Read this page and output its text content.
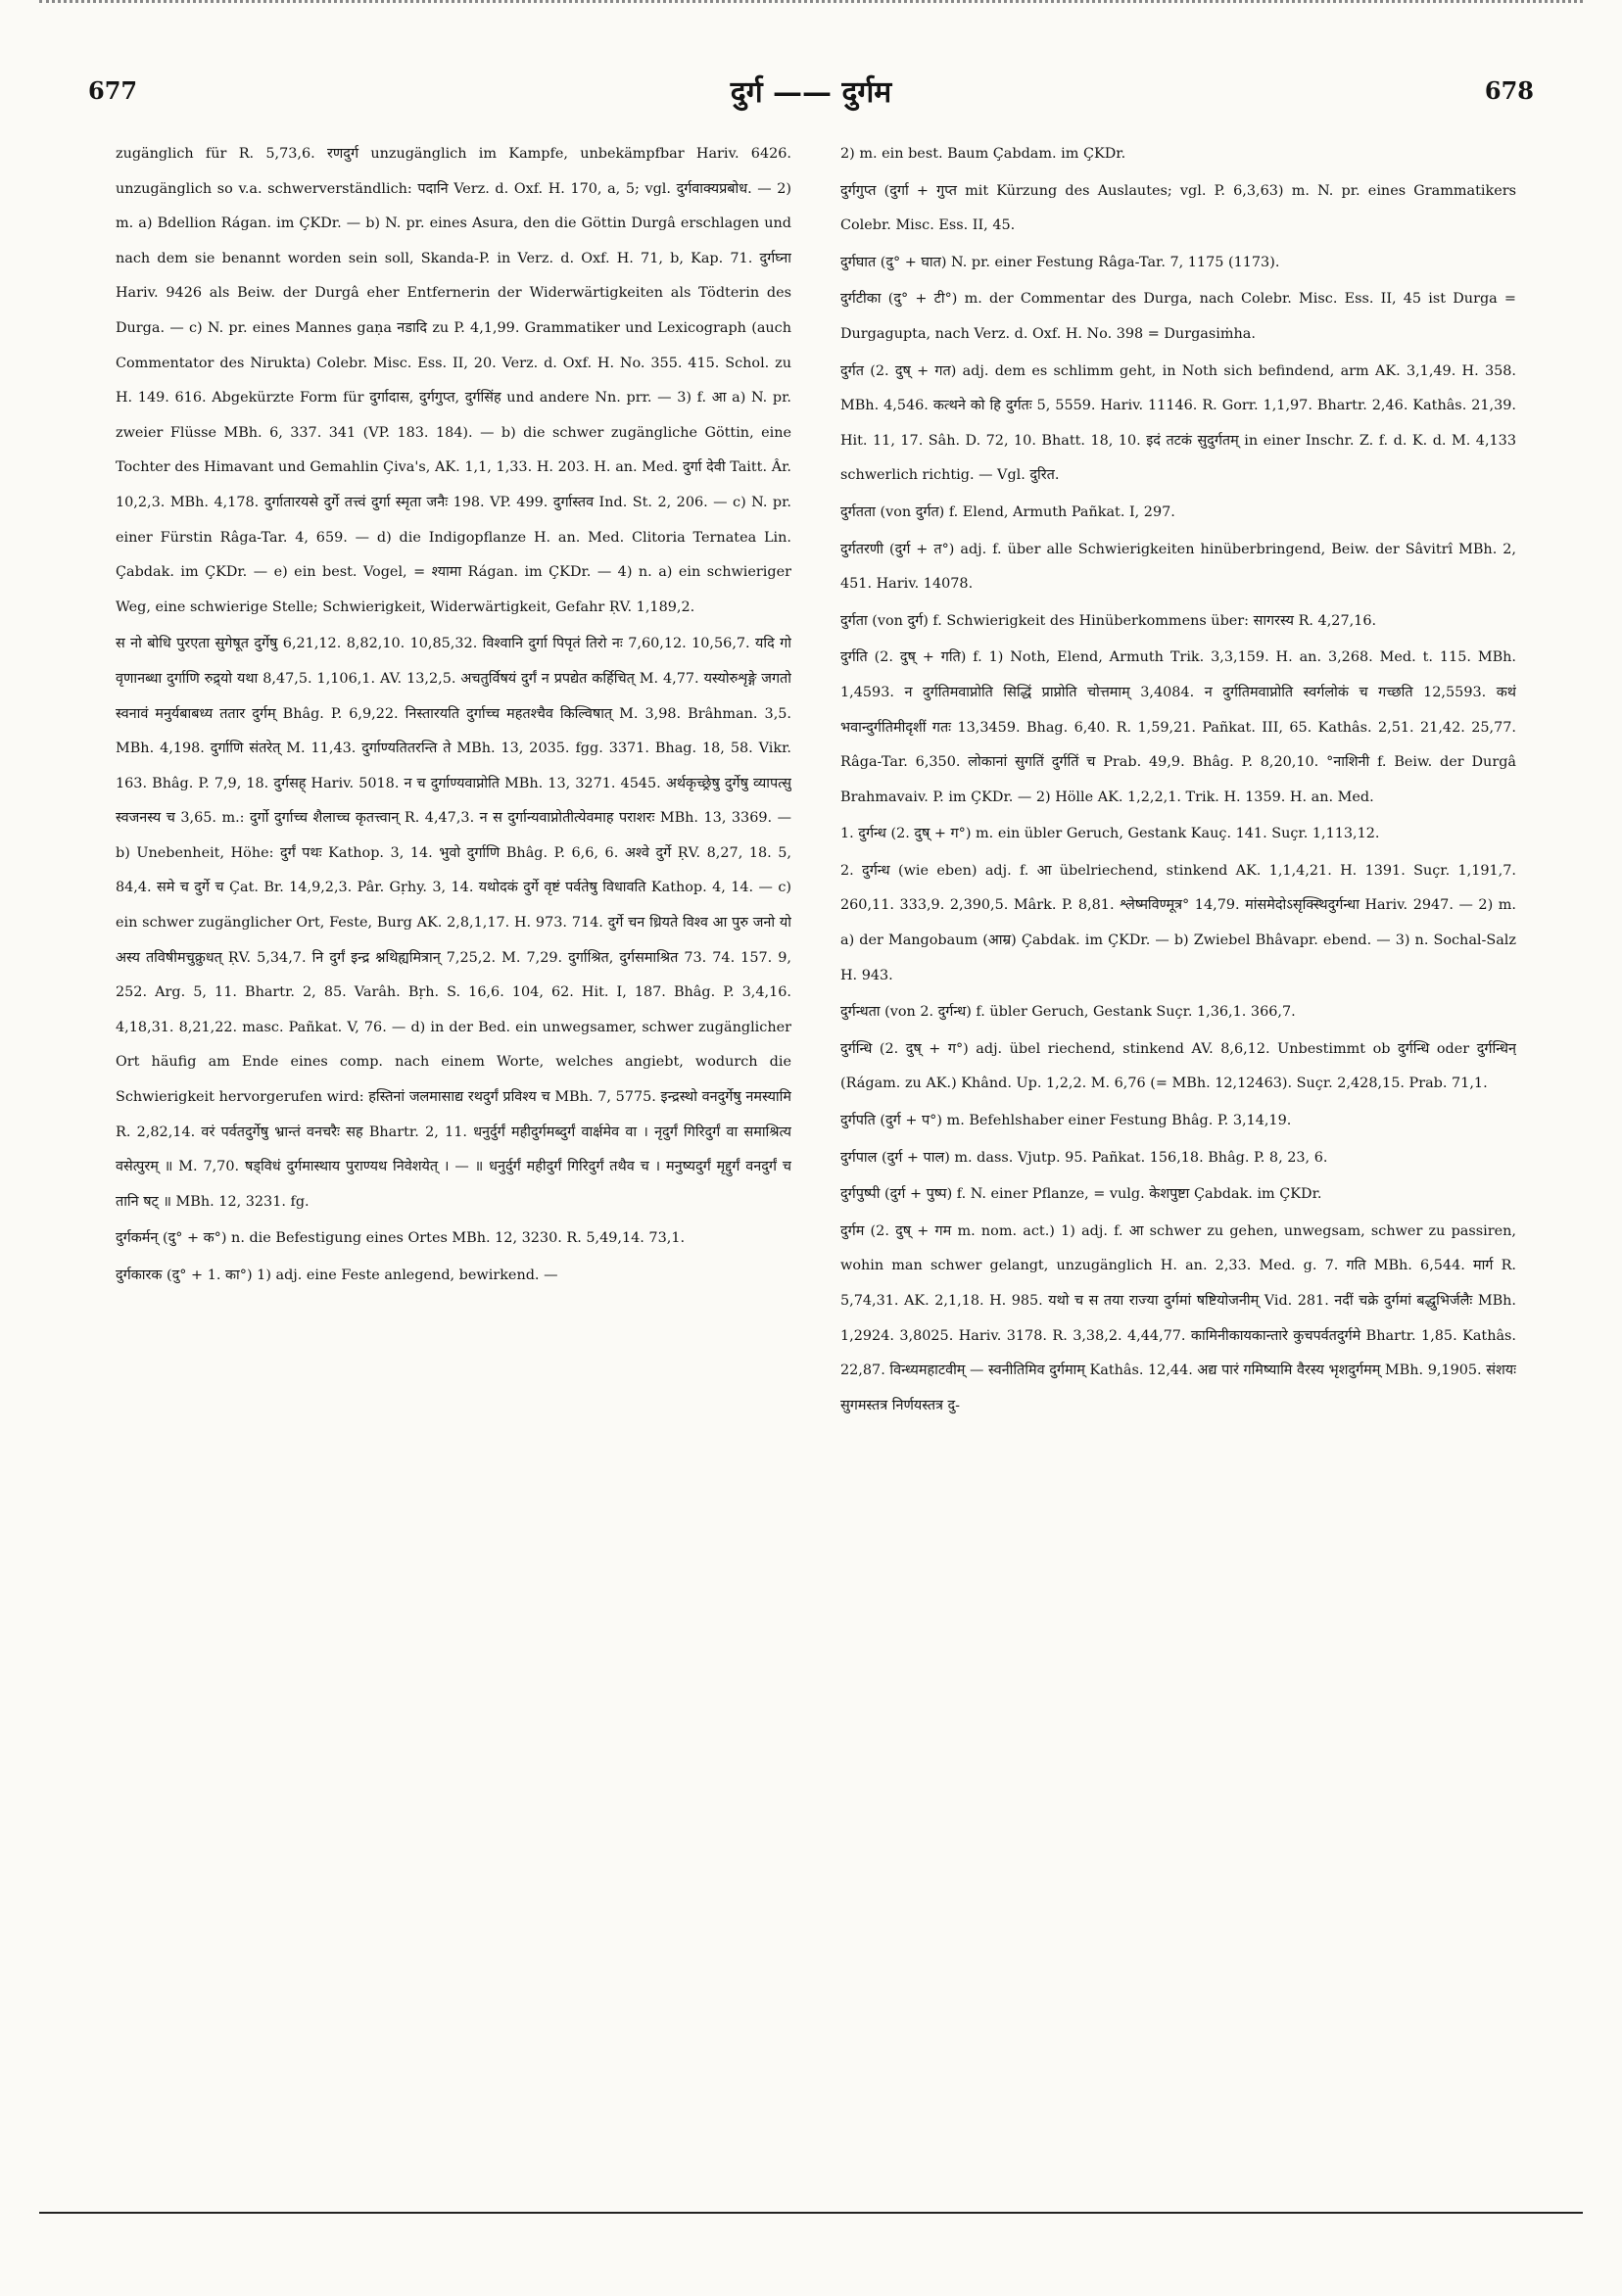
677	दुर्ग —— दुर्गम	678

zugänglich für R. 5,73,6. रणदुर्ग unzugänglich im Kampfe, unbekämpfbar Hariv. 6426. unzugänglich so v.a. schwerverständlich: पदानि Verz. d. Oxf. H. 170, a, 5; vgl. दुर्गवाक्यप्रबोध. — 2) m. a) Bdellion Rágan. im ÇKDr. — b) N. pr. eines Asura, den die Göttin Durgâ erschlagen und nach dem sie benannt worden sein soll, Skanda-P. in Verz. d. Oxf. H. 71, b, Kap. 71. दुर्गघ्ना Hariv. 9426 als Beiw. der Durgâ eher Entfernerin der Widerwärtigkeiten als Tödterin des Durga. — c) N. pr. eines Mannes gaṇa नडादि zu P. 4,1,99. Grammatiker und Lexicograph (auch Commentator des Nirukta) Colebr. Misc. Ess. II, 20. Verz. d. Oxf. H. No. 355. 415. Schol. zu H. 149. 616. Abgekürzte Form für दुर्गादास, दुर्गगुप्त, दुर्गसिंह und andere Nn. prr. — 3) f. आ a) N. pr. zweier Flüsse MBh. 6, 337. 341 (VP. 183. 184). — b) die schwer zugängliche Göttin, eine Tochter des Himavant und Gemahlin Çiva's, AK. 1,1, 1,33. H. 203. H. an. Med. दुर्गा देवी Taitt. Âr. 10,2,3. MBh. 4,178. दुर्गातारयसे दुर्गे तत्त्वं दुर्गा स्मृता जनैः 198. VP. 499. दुर्गास्तव Ind. St. 2, 206. — c) N. pr. einer Fürstin Râga-Tar. 4, 659. — d) die Indigopflanze H. an. Med. Clitoria Ternatea Lin. Çabdak. im ÇKDr. — e) ein best. Vogel, = श्यामा Rágan. im ÇKDr. — 4) n. a) ein schwieriger Weg, eine schwierige Stelle; Schwierigkeit, Widerwärtigkeit, Gefahr ṚV. 1,189,2.

स नो बोधि पुरएता सुगेषूत दुर्गेषु 6,21,12. 8,82,10. 10,85,32. विश्वानि दुर्गा पिपृतं तिरो नः 7,60,12. 10,56,7. यदि गो वृणानब्धा दुर्गाणि रुद्र्यो यथा 8,47,5. 1,106,1. AV. 13,2,5. अचतुर्विषयं दुर्गं न प्रपद्येत कर्हिचित् M. 4,77. यस्योरुशृङ्गे जगतो स्वनावं मनुर्यबाबध्य ततार दुर्गम् Bhâg. P. 6,9,22. निस्तारयति दुर्गाच्च महतश्चैव किल्विषात् M. 3,98. Brâhman. 3,5. MBh. 4,198. दुर्गाणि संतरेत् M. 11,43. दुर्गाण्यतितरन्ति ते MBh. 13, 2035. fgg. 3371. Bhag. 18, 58. Vikr. 163. Bhâg. P. 7,9, 18. दुर्गसह् Hariv. 5018. न च दुर्गाण्यवाप्नोति MBh. 13, 3271. 4545. अर्थकृच्छ्रेषु दुर्गेषु व्यापत्सु स्वजनस्य च 3,65. m.: दुर्गो दुर्गाच्च शैलाच्च कृतत्त्वान् R. 4,47,3. न स दुर्गान्यवाप्नोतीत्येवमाह पराशरः MBh. 13, 3369. — b) Unebenheit, Höhe: दुर्गं पथः Kathop. 3, 14. भुवो दुर्गाणि Bhâg. P. 6,6, 6. अश्वे दुर्गे ṚV. 8,27, 18. 5, 84,4. समे च दुर्गे च Çat. Br. 14,9,2,3. Pâr. Gṛhy. 3, 14. यथोदकं दुर्गे वृष्टं पर्वतेषु विधावति Kathop. 4, 14. — c) ein schwer zugänglicher Ort, Feste, Burg AK. 2,8,1,17. H. 973. 714. दुर्गे चन ध्रियते विश्व आ पुरु जनो यो अस्य तविषीमचुक्रुधत् ṚV. 5,34,7. नि दुर्गं इन्द्र श्नथिह्यमित्रान् 7,25,2. M. 7,29. दुर्गाश्रित, दुर्गसमाश्रित 73. 74. 157. 9, 252. Arg. 5, 11. Bhartr. 2, 85. Varâh. Bṛh. S. 16,6. 104, 62. Hit. I, 187. Bhâg. P. 3,4,16. 4,18,31. 8,21,22. masc. Pañkat. V, 76. — d) in der Bed. ein unwegsamer, schwer zugänglicher Ort häufig am Ende eines comp. nach einem Worte, welches angiebt, wodurch die Schwierigkeit hervorgerufen wird: हस्तिनां जलमासाद्य रथदुर्गं प्रविश्य च MBh. 7, 5775. इन्द्रस्थो वनदुर्गेषु नमस्यामि R. 2,82,14. वरं पर्वतदुर्गेषु भ्रान्तं वनचरैः सह Bhartr. 2, 11. धनुर्दुर्गं महीदुर्गमब्दुर्गं वार्क्षमेव वा । नृदुर्गं गिरिदुर्गं वा समाश्रित्य वसेत्पुरम् ॥ M. 7,70. षड्विधं दुर्गमास्थाय पुराण्यथ निवेशयेत् । — ॥ धनुर्दुर्गं महीदुर्गं गिरिदुर्गं तथैव च । मनुष्यदुर्गं मृद्दुर्गं वनदुर्गं च तानि षट् ॥ MBh. 12, 3231. fg.

दुर्गकर्मन् (दु° + क°) n. die Befestigung eines Ortes MBh. 12, 3230. R. 5,49,14. 73,1.

दुर्गकारक (दु° + 1. का°) 1) adj. eine Feste anlegend, bewirkend. —

2) m. ein best. Baum Çabdam. im ÇKDr.

दुर्गगुप्त (दुर्गा + गुप्त mit Kürzung des Auslautes; vgl. P. 6,3,63) m. N. pr. eines Grammatikers Colebr. Misc. Ess. II, 45.

दुर्गघात (दु° + घात) N. pr. einer Festung Râga-Tar. 7, 1175 (1173).

दुर्गटीका (दु° + टी°) m. der Commentar des Durga, nach Colebr. Misc. Ess. II, 45 ist Durga = Durgagupta, nach Verz. d. Oxf. H. No. 398 = Durgasiṁha.

दुर्गत (2. दुष् + गत) adj. dem es schlimm geht, in Noth sich befindend, arm AK. 3,1,49. H. 358. MBh. 4,546. कत्थने को हि दुर्गतः 5, 5559. Hariv. 11146. R. Gorr. 1,1,97. Bhartr. 2,46. Kathâs. 21,39. Hit. 11, 17. Sâh. D. 72, 10. Bhatt. 18, 10. इदं तटकं सुदुर्गतम् in einer Inschr. Z. f. d. K. d. M. 4,133 schwerlich richtig. — Vgl. दुरित.

दुर्गतता (von दुर्गत) f. Elend, Armuth Pañkat. I, 297.

दुर्गतरणी (दुर्ग + त°) adj. f. über alle Schwierigkeiten hinüberbringend, Beiw. der Sâvitrî MBh. 2, 451. Hariv. 14078.

दुर्गता (von दुर्ग) f. Schwierigkeit des Hinüberkommens über: सागरस्य R. 4,27,16.

दुर्गति (2. दुष् + गति) f. 1) Noth, Elend, Armuth Trik. 3,3,159. H. an. 3,268. Med. t. 115. MBh. 1,4593. न दुर्गतिमवाप्नोति सिद्धिं प्राप्नोति चोत्तमाम् 3,4084. न दुर्गतिमवाप्नोति स्वर्गलोकं च गच्छति 12,5593. कथं भवान्दुर्गतिमीदृशीं गतः 13,3459. Bhag. 6,40. R. 1,59,21. Pañkat. III, 65. Kathâs. 2,51. 21,42. 25,77. Râga-Tar. 6,350. लोकानां सुगतिं दुर्गतिं च Prab. 49,9. Bhâg. P. 8,20,10. °नाशिनी f. Beiw. der Durgâ Brahmavaiv. P. im ÇKDr. — 2) Hölle AK. 1,2,2,1. Trik. H. 1359. H. an. Med.

1. दुर्गन्ध (2. दुष् + ग°) m. ein übler Geruch, Gestank Kauç. 141. Suçr. 1,113,12.

2. दुर्गन्ध (wie eben) adj. f. आ übelriechend, stinkend AK. 1,1,4,21. H. 1391. Suçr. 1,191,7. 260,11. 333,9. 2,390,5. Mârk. P. 8,81. श्लेष्मविण्मूत्र° 14,79. मांसमेदोऽसृक्स्थिदुर्गन्धा Hariv. 2947. — 2) m. a) der Mangobaum (आम्र) Çabdak. im ÇKDr. — b) Zwiebel Bhâvapr. ebend. — 3) n. Sochal-Salz H. 943.

दुर्गन्धता (von 2. दुर्गन्ध) f. übler Geruch, Gestank Suçr. 1,36,1. 366,7.

दुर्गन्धि (2. दुष् + ग°) adj. übel riechend, stinkend AV. 8,6,12. Unbestimmt ob दुर्गन्धि oder दुर्गन्धिन् (Rágam. zu AK.) Khând. Up. 1,2,2. M. 6,76 (= MBh. 12,12463). Suçr. 2,428,15. Prab. 71,1.

दुर्गपति (दुर्ग + प°) m. Befehlshaber einer Festung Bhâg. P. 3,14,19.

दुर्गपाल (दुर्ग + पाल) m. dass. Vjutp. 95. Pañkat. 156,18. Bhâg. P. 8, 23, 6.

दुर्गपुष्पी (दुर्ग + पुष्प) f. N. einer Pflanze, = vulg. केशपुष्टा Çabdak. im ÇKDr.

दुर्गम (2. दुष् + गम m. nom. act.) 1) adj. f. आ schwer zu gehen, unwegsam, schwer zu passiren, wohin man schwer gelangt, unzugänglich H. an. 2,33. Med. g. 7. गति MBh. 6,544. मार्ग R. 5,74,31. AK. 2,1,18. H. 985. यथो च स तया राज्या दुर्गमां षष्टियोजनीम् Vid. 281. नदीं चक्रे दुर्गमां बद्धुभिर्जलैः MBh. 1,2924. 3,8025. Hariv. 3178. R. 3,38,2. 4,44,77. कामिनीकायकान्तारे कुचपर्वतदुर्गमे Bhartr. 1,85. Kathâs. 22,87. विन्ध्यमहाटवीम् — स्वनीतिमिव दुर्गमाम् Kathâs. 12,44. अद्य पारं गमिष्यामि वैरस्य भृशदुर्गमम् MBh. 9,1905. संशयः सुगमस्तत्र निर्णयस्तत्र दु-
